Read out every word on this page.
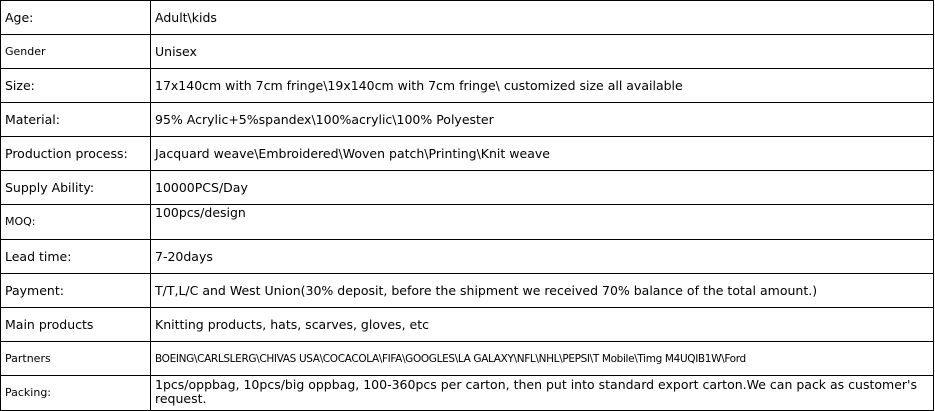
Age:	Adult\kids
Gender	Unisex
Size:	17x140cm with 7cm fringe\19x140cm with 7cm fringe\ customized size all available
Material:	95% Acrylic+5%spandex\100%acrylic\100% Polyester
Production process:	Jacquard weave\Embroidered\Woven patch\Printing\Knit weave
Supply Ability:	10000PCS/Day
MOQ:	100pcs/design
Lead time:	7-20days
Payment:	T/T,L/C and West Union(30% deposit, before the shipment we received 70% balance of the total amount.)
Main products	Knitting products, hats, scarves, gloves, etc
Partners	BOEING\CARLSLERG\CHIVAS USA\COCACOLA\FIFA\GOOGLES\LA GALAXY\NFL\NHL\PEPSI\T Mobile\Timg M4UQIB1W\Ford
Packing:	1pcs/oppbag, 10pcs/big oppbag, 100-360pcs per carton, then put into standard export carton.We can pack as customer's request.
